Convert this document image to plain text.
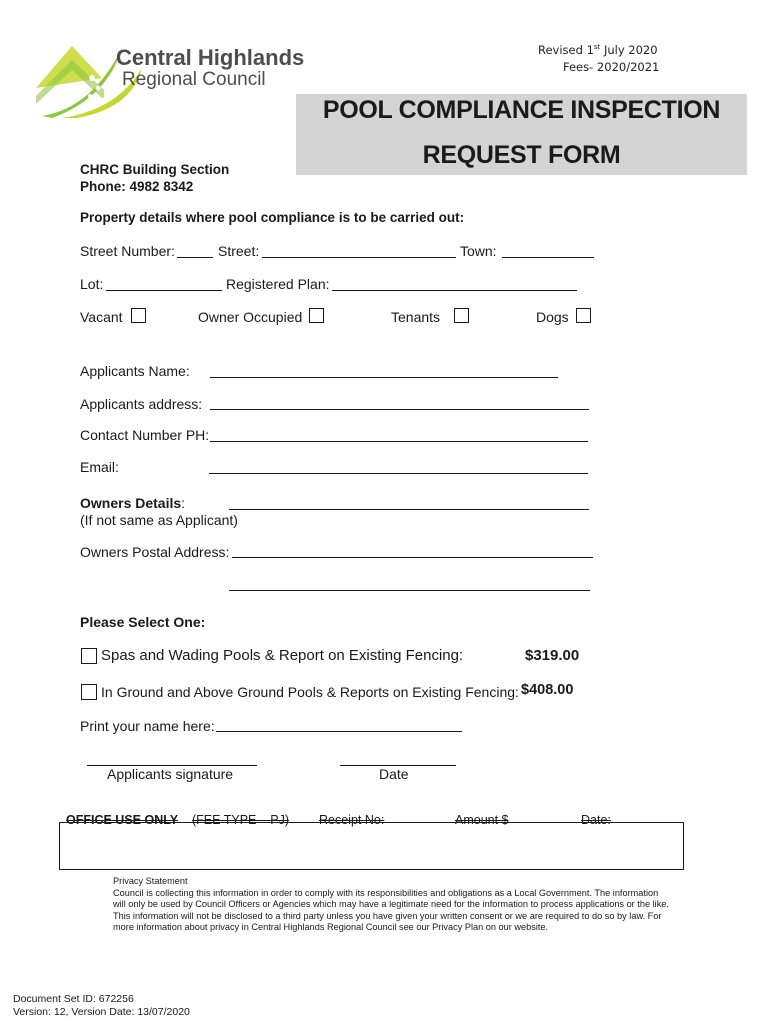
Central Highlands
Regional Council
Revised 1st July 2020
Fees- 2020/2021
POOL COMPLIANCE INSPECTION
REQUEST FORM
CHRC Building Section
Phone: 4982 8342
Property details where pool compliance is to be carried out:
Street Number:	Street:	Town:
Lot:	Registered Plan:
Vacant	Owner Occupied	Tenants	Dogs
Applicants Name:
Applicants address:
Contact Number PH:
Email:
Owners Details:
(If not same as Applicant)
Owners Postal Address:
Please Select One:
Spas and Wading Pools & Report on Existing Fencing:	$319.00
In Ground and Above Ground Pools & Reports on Existing Fencing: $408.00
Print your name here:
Applicants signature	Date
OFFICE USE ONLY (FEE TYPE – PJ) Receipt No:	Amount $	Date:
Privacy Statement
Council is collecting this information in order to comply with its responsibilities and obligations as a Local Government. The information will only be used by Council Officers or Agencies which may have a legitimate need for the information to process applications or the like. This information will not be disclosed to a third party unless you have given your written consent or we are required to do so by law. For more information about privacy in Central Highlands Regional Council see our Privacy Plan on our website.
Document Set ID: 672256
Version: 12, Version Date: 13/07/2020
